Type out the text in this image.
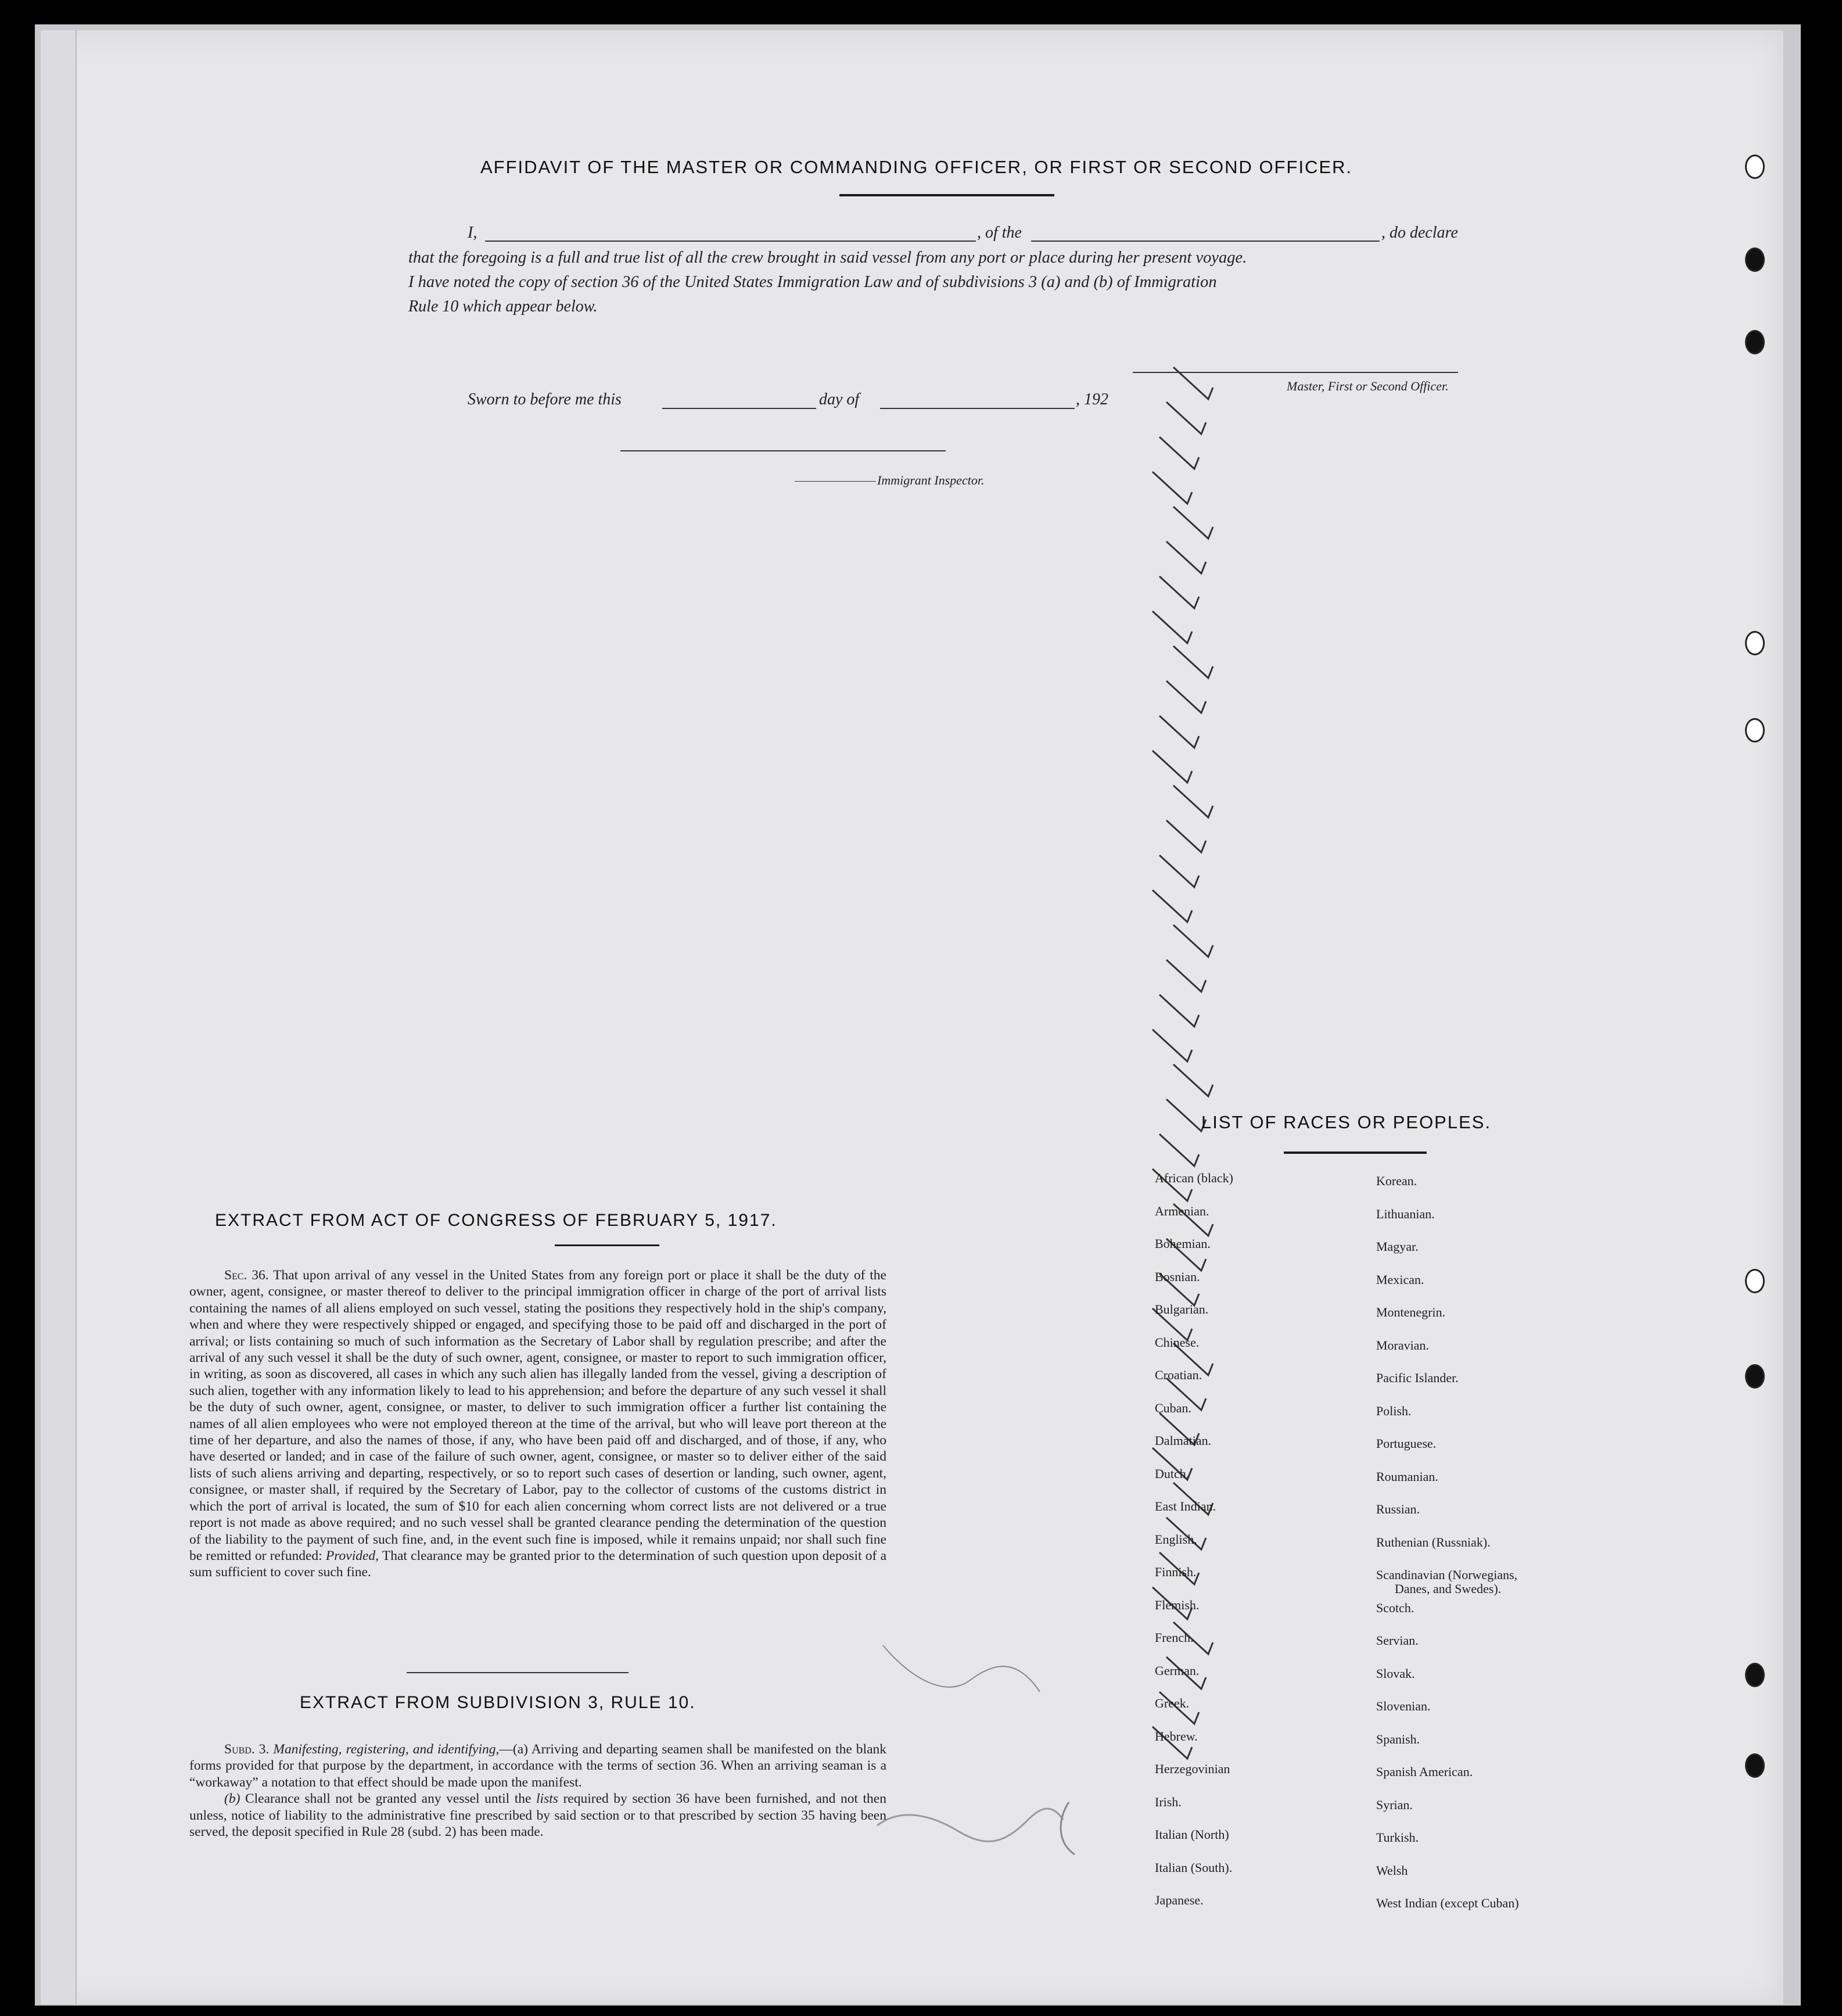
AFFIDAVIT OF THE MASTER OR COMMANDING OFFICER, OR FIRST OR SECOND OFFICER.
I,	, of the	, do declare
that the foregoing is a full and true list of all the crew brought in said vessel from any port or place during her present voyage.
I have noted the copy of section 36 of the United States Immigration Law and of subdivisions 3 (a) and (b) of Immigration
Rule 10 which appear below.
Master, First or Second Officer.
Sworn to before me this	day of	, 192
Immigrant Inspector.
EXTRACT FROM ACT OF CONGRESS OF FEBRUARY 5, 1917.

Sec. 36. That upon arrival of any vessel in the United States from any foreign port or place it shall be the duty of the owner, agent, consignee, or master thereof to deliver to the principal immigration officer in charge of the port of arrival lists containing the names of all aliens employed on such vessel, stating the positions they respectively hold in the ship's company, when and where they were respectively shipped or engaged, and specifying those to be paid off and discharged in the port of arrival; or lists containing so much of such information as the Secretary of Labor shall by regulation prescribe; and after the arrival of any such vessel it shall be the duty of such owner, agent, consignee, or master to report to such immigration officer, in writing, as soon as discovered, all cases in which any such alien has illegally landed from the vessel, giving a description of such alien, together with any information likely to lead to his apprehension; and before the departure of any such vessel it shall be the duty of such owner, agent, consignee, or master, to deliver to such immigration officer a further list containing the names of all alien employees who were not employed thereon at the time of the arrival, but who will leave port thereon at the time of her departure, and also the names of those, if any, who have been paid off and discharged, and of those, if any, who have deserted or landed; and in case of the failure of such owner, agent, consignee, or master so to deliver either of the said lists of such aliens arriving and departing, respectively, or so to report such cases of desertion or landing, such owner, agent, consignee, or master shall, if required by the Secretary of Labor, pay to the collector of customs of the customs district in which the port of arrival is located, the sum of $10 for each alien concerning whom correct lists are not delivered or a true report is not made as above required; and no such vessel shall be granted clearance pending the determination of the question of the liability to the payment of such fine, and, in the event such fine is imposed, while it remains unpaid; nor shall such fine be remitted or refunded: Provided, That clearance may be granted prior to the determination of such question upon deposit of a sum sufficient to cover such fine.

EXTRACT FROM SUBDIVISION 3, RULE 10.

Subd. 3. Manifesting, registering, and identifying,—(a) Arriving and departing seamen shall be manifested on the blank forms provided for that purpose by the department, in accordance with the terms of section 36. When an arriving seaman is a “workaway” a notation to that effect should be made upon the manifest.

(b) Clearance shall not be granted any vessel until the lists required by section 36 have been furnished, and not then unless, notice of liability to the administrative fine prescribed by said section or to that prescribed by section 35 having been served, the deposit specified in Rule 28 (subd. 2) has been made.

LIST OF RACES OR PEOPLES.
African (black)
Armenian.
Bohemian.
Bosnian.
Bulgarian.
Chinese.
Croatian.
Cuban.
Dalmatian.
Dutch.
East Indian.
English.
Finnish.
Flemish.
French.
German.
Greek.
Hebrew.
Herzegovinian
Irish.
Italian (North)
Italian (South).
Japanese.
Korean.
Lithuanian.
Magyar.
Mexican.
Montenegrin.
Moravian.
Pacific Islander.
Polish.
Portuguese.
Roumanian.
Russian.
Ruthenian (Russniak).
Scandinavian (Norwegians,
Danes, and Swedes).
Scotch.
Servian.
Slovak.
Slovenian.
Spanish.
Spanish American.
Syrian.
Turkish.
Welsh
West Indian (except Cuban)
